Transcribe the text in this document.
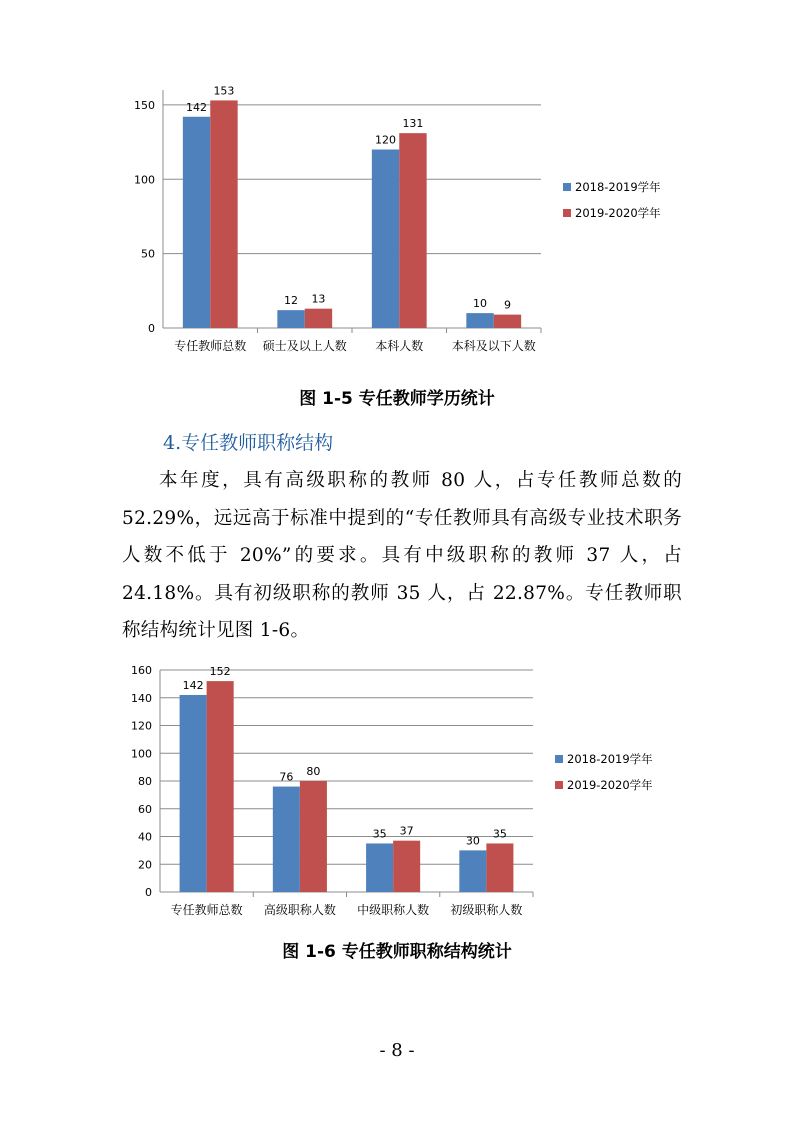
0
50
100
150
专任教师总数
142
153
硕士及以上人数
12 13
本科人数
120
131
本科及以下人数
10 9
2018-2019学年
2019-2020学年
图 1-5 专任教师学历统计
4.专任教师职称结构
本年度，具有高级职称的教师 80 人，占专任教师总数的 52.29%，远远高于标准中提到的“专任教师具有高级专业技术职务人数不低于 20%”的要求。具有中级职称的教师 37 人，占 24.18%。具有初级职称的教师 35 人，占 22.87%。专任教师职称结构统计见图 1-6。
0
20
40
60
80
100
120
140
160
专任教师总数
142
152
高级职称人数
76 80
中级职称人数
35 37
初级职称人数
30
35
2018-2019学年
2019-2020学年
图 1-6 专任教师职称结构统计
- 8 -
